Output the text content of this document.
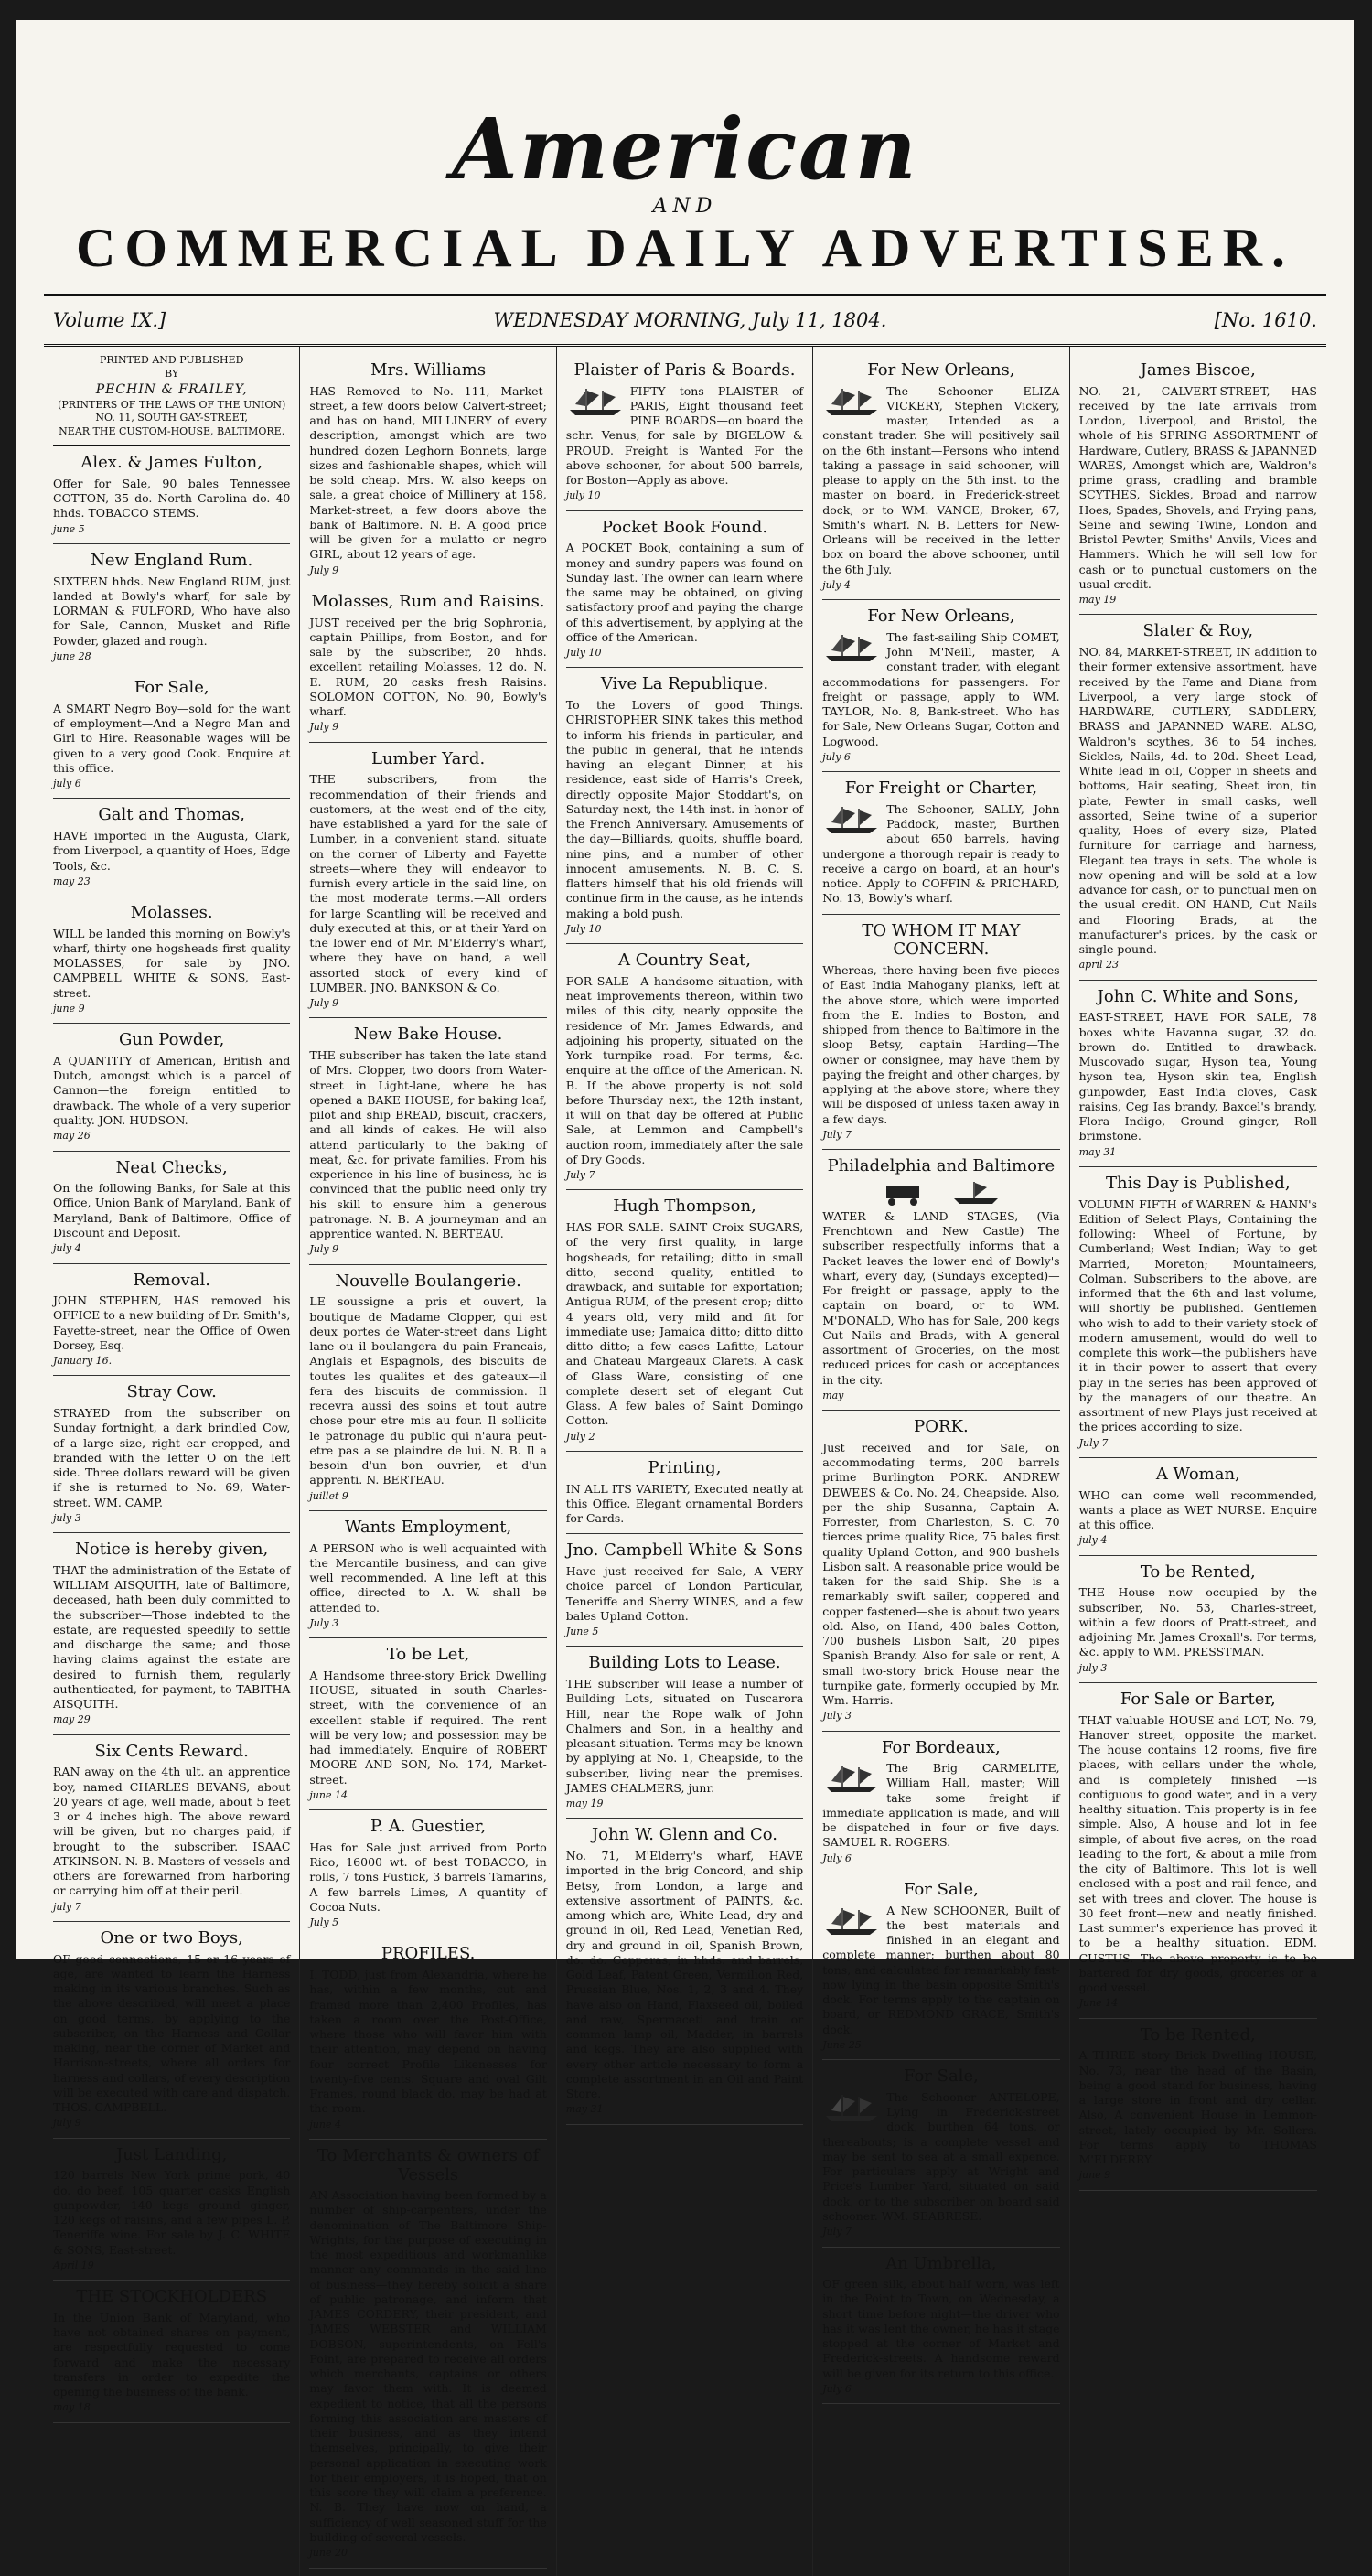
American
AND
COMMERCIAL DAILY ADVERTISER.
Volume IX.]	WEDNESDAY MORNING, July 11, 1804.	[No. 1610.
PRINTED AND PUBLISHED
BY
PECHIN & FRAILEY,
(PRINTERS OF THE LAWS OF THE UNION)
NO. 11, SOUTH GAY-STREET,
NEAR THE CUSTOM-HOUSE, BALTIMORE.
Alex. & James Fulton,

Offer for Sale, 90 bales Tennessee COTTON, 35 do. North Carolina do. 40 hhds. TOBACCO STEMS.

june 5
New England Rum.

SIXTEEN hhds. New England RUM, just landed at Bowly's wharf, for sale by LORMAN & FULFORD, Who have also for Sale, Cannon, Musket and Rifle Powder, glazed and rough.

june 28
For Sale,

A SMART Negro Boy—sold for the want of employment—And a Negro Man and Girl to Hire. Reasonable wages will be given to a very good Cook. Enquire at this office.

july 6
Galt and Thomas,

HAVE imported in the Augusta, Clark, from Liverpool, a quantity of Hoes, Edge Tools, &c.

may 23
Molasses.

WILL be landed this morning on Bowly's wharf, thirty one hogsheads first quality MOLASSES, for sale by JNO. CAMPBELL WHITE & SONS, East-street.

june 9
Gun Powder,

A QUANTITY of American, British and Dutch, amongst which is a parcel of Cannon—the foreign entitled to drawback. The whole of a very superior quality. JON. HUDSON.

may 26
Neat Checks,

On the following Banks, for Sale at this Office, Union Bank of Maryland, Bank of Maryland, Bank of Baltimore, Office of Discount and Deposit.

july 4
Removal.

JOHN STEPHEN, HAS removed his OFFICE to a new building of Dr. Smith's, Fayette-street, near the Office of Owen Dorsey, Esq.

January 16.
Stray Cow.

STRAYED from the subscriber on Sunday fortnight, a dark brindled Cow, of a large size, right ear cropped, and branded with the letter O on the left side. Three dollars reward will be given if she is returned to No. 69, Water-street. WM. CAMP.

july 3
Notice is hereby given,

THAT the administration of the Estate of WILLIAM AISQUITH, late of Baltimore, deceased, hath been duly committed to the subscriber—Those indebted to the estate, are requested speedily to settle and discharge the same; and those having claims against the estate are desired to furnish them, regularly authenticated, for payment, to TABITHA AISQUITH.

may 29
Six Cents Reward.

RAN away on the 4th ult. an apprentice boy, named CHARLES BEVANS, about 20 years of age, well made, about 5 feet 3 or 4 inches high. The above reward will be given, but no charges paid, if brought to the subscriber. ISAAC ATKINSON. N. B. Masters of vessels and others are forewarned from harboring or carrying him off at their peril.

july 7
One or two Boys,

OF good connections, 15 or 16 years of age, are wanted to learn the Harness making in its various branches. Such as the above described, will meet a place on good terms, by applying to the subscriber, on the Harness and Collar making, near the corner of Market and Harrison-streets, where all orders for harness and collars, of every description will be executed with care and dispatch. THOS. CAMPBELL.

july 9
Just Landing,

120 barrels New York prime pork, 40 do. do beef, 105 quarter casks English gunpowder, 140 kegs ground ginger, 120 kegs of raisins, and a few pipes L. P. Teneriffe wine. For sale by J. C. WHITE & SONS, East-street.

April 19
THE STOCKHOLDERS

In the Union Bank of Maryland, who have not obtained shares on payment, are respectfully requested to come forward and make the necessary transfers in order to expedite the opening the business of the bank.

may 18
Mrs. Williams

HAS Removed to No. 111, Market-street, a few doors below Calvert-street; and has on hand, MILLINERY of every description, amongst which are two hundred dozen Leghorn Bonnets, large sizes and fashionable shapes, which will be sold cheap. Mrs. W. also keeps on sale, a great choice of Millinery at 158, Market-street, a few doors above the bank of Baltimore. N. B. A good price will be given for a mulatto or negro GIRL, about 12 years of age.

July 9
Molasses, Rum and Raisins.

JUST received per the brig Sophronia, captain Phillips, from Boston, and for sale by the subscriber, 20 hhds. excellent retailing Molasses, 12 do. N. E. RUM, 20 casks fresh Raisins. SOLOMON COTTON, No. 90, Bowly's wharf.

July 9
Lumber Yard.

THE subscribers, from the recommendation of their friends and customers, at the west end of the city, have established a yard for the sale of Lumber, in a convenient stand, situate on the corner of Liberty and Fayette streets—where they will endeavor to furnish every article in the said line, on the most moderate terms.—All orders for large Scantling will be received and duly executed at this, or at their Yard on the lower end of Mr. M'Elderry's wharf, where they have on hand, a well assorted stock of every kind of LUMBER. JNO. BANKSON & Co.

July 9
New Bake House.

THE subscriber has taken the late stand of Mrs. Clopper, two doors from Water-street in Light-lane, where he has opened a BAKE HOUSE, for baking loaf, pilot and ship BREAD, biscuit, crackers, and all kinds of cakes. He will also attend particularly to the baking of meat, &c. for private families. From his experience in his line of business, he is convinced that the public need only try his skill to ensure him a generous patronage. N. B. A journeyman and an apprentice wanted. N. BERTEAU.

July 9
Nouvelle Boulangerie.

LE soussigne a pris et ouvert, la boutique de Madame Clopper, qui est deux portes de Water-street dans Light lane ou il boulangera du pain Francais, Anglais et Espagnols, des biscuits de toutes les qualites et des gateaux—il fera des biscuits de commission. Il recevra aussi des soins et tout autre chose pour etre mis au four. Il sollicite le patronage du public qui n'aura peut-etre pas a se plaindre de lui. N. B. Il a besoin d'un bon ouvrier, et d'un apprenti. N. BERTEAU.

juillet 9
Wants Employment,

A PERSON who is well acquainted with the Mercantile business, and can give well recommended. A line left at this office, directed to A. W. shall be attended to.

July 3
To be Let,

A Handsome three-story Brick Dwelling HOUSE, situated in south Charles-street, with the convenience of an excellent stable if required. The rent will be very low; and possession may be had immediately. Enquire of ROBERT MOORE AND SON, No. 174, Market-street.

june 14
P. A. Guestier,

Has for Sale just arrived from Porto Rico, 16000 wt. of best TOBACCO, in rolls, 7 tons Fustick, 3 barrels Tamarins, A few barrels Limes, A quantity of Cocoa Nuts.

July 5
PROFILES.

I. TODD, just from Alexandria, where he has, within a few months, cut and framed more than 2,400 Profiles, has taken a room over the Post-Office, where those who will favor him with their attention, may depend on having four correct Profile Likenesses for twenty-five cents. Square and oval Gilt Frames, round black do. may be had at the room.

june 4
To Merchants & owners of Vessels

AN Association having been formed by a number of ship-carpenters, under the denomination of The Baltimore Ship-Wrights, for the purpose of executing in the most expeditious and workmanlike manner any commands in the said line of business—they hereby solicit a share of public patronage, and inform that JAMES CORDERY, their president, and JAMES WEBSTER and WILLIAM DOBSON, superintendents, on Fell's Point, are prepared to receive all orders which merchants, captains or others may favor them with. It is deemed expedient to notice, that all the persons forming this association are masters of their business, and as they intend themselves, principally, to give their personal application in executing work for their employers, it is hoped, that on this score they will claim a preference. N. B. They have now on hand, a sufficiency of well seasoned stuff for the building of several vessels.

june 20
Plaister of Paris & Boards.

FIFTY tons PLAISTER of PARIS, Eight thousand feet PINE BOARDS—on board the schr. Venus, for sale by BIGELOW & PROUD. Freight is Wanted For the above schooner, for about 500 barrels, for Boston—Apply as above.

july 10
Pocket Book Found.

A POCKET Book, containing a sum of money and sundry papers was found on Sunday last. The owner can learn where the same may be obtained, on giving satisfactory proof and paying the charge of this advertisement, by applying at the office of the American.

July 10
Vive La Republique.

To the Lovers of good Things. CHRISTOPHER SINK takes this method to inform his friends in particular, and the public in general, that he intends having an elegant Dinner, at his residence, east side of Harris's Creek, directly opposite Major Stoddart's, on Saturday next, the 14th inst. in honor of the French Anniversary. Amusements of the day—Billiards, quoits, shuffle board, nine pins, and a number of other innocent amusements. N. B. C. S. flatters himself that his old friends will continue firm in the cause, as he intends making a bold push.

July 10
A Country Seat,

FOR SALE—A handsome situation, with neat improvements thereon, within two miles of this city, nearly opposite the residence of Mr. James Edwards, and adjoining his property, situated on the York turnpike road. For terms, &c. enquire at the office of the American. N. B. If the above property is not sold before Thursday next, the 12th instant, it will on that day be offered at Public Sale, at Lemmon and Campbell's auction room, immediately after the sale of Dry Goods.

July 7
Hugh Thompson,

HAS FOR SALE. SAINT Croix SUGARS, of the very first quality, in large hogsheads, for retailing; ditto in small ditto, second quality, entitled to drawback, and suitable for exportation; Antigua RUM, of the present crop; ditto 4 years old, very mild and fit for immediate use; Jamaica ditto; ditto ditto ditto ditto; a few cases Lafitte, Latour and Chateau Margeaux Clarets. A cask of Glass Ware, consisting of one complete desert set of elegant Cut Glass. A few bales of Saint Domingo Cotton.

July 2
Printing,

IN ALL ITS VARIETY, Executed neatly at this Office. Elegant ornamental Borders for Cards.

Jno. Campbell White & Sons

Have just received for Sale, A VERY choice parcel of London Particular, Teneriffe and Sherry WINES, and a few bales Upland Cotton.

June 5
Building Lots to Lease.

THE subscriber will lease a number of Building Lots, situated on Tuscarora Hill, near the Rope walk of John Chalmers and Son, in a healthy and pleasant situation. Terms may be known by applying at No. 1, Cheapside, to the subscriber, living near the premises. JAMES CHALMERS, junr.

may 19
John W. Glenn and Co.

No. 71, M'Elderry's wharf, HAVE imported in the brig Concord, and ship Betsy, from London, a large and extensive assortment of PAINTS, &c. among which are, White Lead, dry and ground in oil, Red Lead, Venetian Red, dry and ground in oil, Spanish Brown, do. do. Copperas, in hhds. and barrels, Gold Leaf, Patent Green, Vermilion Red, Prussian Blue, Nos. 1, 2, 3 and 4. They have also on Hand, Flaxseed oil, boiled and raw, Spermaceti and train or common lamp oil, Madder, in barrels and kegs. They are also supplied with every other article necessary to form a complete assortment in an Oil and Paint Store.

may 31
For New Orleans,

The Schooner ELIZA VICKERY, Stephen Vickery, master, Intended as a constant trader. She will positively sail on the 6th instant—Persons who intend taking a passage in said schooner, will please to apply on the 5th inst. to the master on board, in Frederick-street dock, or to WM. VANCE, Broker, 67, Smith's wharf. N. B. Letters for New-Orleans will be received in the letter box on board the above schooner, until the 6th July.

july 4
For New Orleans,

The fast-sailing Ship COMET, John M'Neill, master, A constant trader, with elegant accommodations for passengers. For freight or passage, apply to WM. TAYLOR, No. 8, Bank-street. Who has for Sale, New Orleans Sugar, Cotton and Logwood.

july 6
For Freight or Charter,

The Schooner, SALLY, John Paddock, master, Burthen about 650 barrels, having undergone a thorough repair is ready to receive a cargo on board, at an hour's notice. Apply to COFFIN & PRICHARD, No. 13, Bowly's wharf.

TO WHOM IT MAY CONCERN.

Whereas, there having been five pieces of East India Mahogany planks, left at the above store, which were imported from the E. Indies to Boston, and shipped from thence to Baltimore in the sloop Betsy, captain Harding—The owner or consignee, may have them by paying the freight and other charges, by applying at the above store; where they will be disposed of unless taken away in a few days.

July 7
Philadelphia and Baltimore

WATER & LAND STAGES, (Via Frenchtown and New Castle) The subscriber respectfully informs that a Packet leaves the lower end of Bowly's wharf, every day, (Sundays excepted)—For freight or passage, apply to the captain on board, or to WM. M'DONALD, Who has for Sale, 200 kegs Cut Nails and Brads, with A general assortment of Groceries, on the most reduced prices for cash or acceptances in the city.

may
PORK.

Just received and for Sale, on accommodating terms, 200 barrels prime Burlington PORK. ANDREW DEWEES & Co. No. 24, Cheapside. Also, per the ship Susanna, Captain A. Forrester, from Charleston, S. C. 70 tierces prime quality Rice, 75 bales first quality Upland Cotton, and 900 bushels Lisbon salt. A reasonable price would be taken for the said Ship. She is a remarkably swift sailer, coppered and copper fastened—she is about two years old. Also, on Hand, 400 bales Cotton, 700 bushels Lisbon Salt, 20 pipes Spanish Brandy. Also for sale or rent, A small two-story brick House near the turnpike gate, formerly occupied by Mr. Wm. Harris.

July 3
For Bordeaux,

The Brig CARMELITE, William Hall, master; Will take some freight if immediate application is made, and will be dispatched in four or five days. SAMUEL R. ROGERS.

July 6
For Sale,

A New SCHOONER, Built of the best materials and finished in an elegant and complete manner; burthen about 80 tons, and calculated for remarkably fast-now lying in the basin opposite Smith's dock. For terms apply to the captain on board, or REDMOND GRACE, Smith's dock.

June 25
For Sale,

The Schooner ANTELOPE, Lying in Frederick-street dock, burthen 64 tons, or thereabouts; is a complete vessel and may be sent to sea at a small expence. For particulars apply at Wright and Price's Lumber Yard, situated on said dock, or to the subscriber on board said schooner. WM. SEABRESE.

July 7
An Umbrella,

OF green silk, about half worn, was left in the Point to Town, on Wednesday, a short time before night—the driver who has it was lent the owner, he has it stage stopped at the corner of Market and Frederick-streets. A handsome reward will be given for its return to this office.

July 6
James Biscoe,

NO. 21, CALVERT-STREET, HAS received by the late arrivals from London, Liverpool, and Bristol, the whole of his SPRING ASSORTMENT of Hardware, Cutlery, BRASS & JAPANNED WARES, Amongst which are, Waldron's prime grass, cradling and bramble SCYTHES, Sickles, Broad and narrow Hoes, Spades, Shovels, and Frying pans, Seine and sewing Twine, London and Bristol Pewter, Smiths' Anvils, Vices and Hammers. Which he will sell low for cash or to punctual customers on the usual credit.

may 19
Slater & Roy,

NO. 84, MARKET-STREET, IN addition to their former extensive assortment, have received by the Fame and Diana from Liverpool, a very large stock of HARDWARE, CUTLERY, SADDLERY, BRASS and JAPANNED WARE. ALSO, Waldron's scythes, 36 to 54 inches, Sickles, Nails, 4d. to 20d. Sheet Lead, White lead in oil, Copper in sheets and bottoms, Hair seating, Sheet iron, tin plate, Pewter in small casks, well assorted, Seine twine of a superior quality, Hoes of every size, Plated furniture for carriage and harness, Elegant tea trays in sets. The whole is now opening and will be sold at a low advance for cash, or to punctual men on the usual credit. ON HAND, Cut Nails and Flooring Brads, at the manufacturer's prices, by the cask or single pound.

april 23
John C. White and Sons,

EAST-STREET, HAVE FOR SALE, 78 boxes white Havanna sugar, 32 do. brown do. Entitled to drawback. Muscovado sugar, Hyson tea, Young hyson tea, Hyson skin tea, English gunpowder, East India cloves, Cask raisins, Ceg Ias brandy, Baxcel's brandy, Flora Indigo, Ground ginger, Roll brimstone.

may 31
This Day is Published,

VOLUMN FIFTH of WARREN & HANN's Edition of Select Plays, Containing the following: Wheel of Fortune, by Cumberland; West Indian; Way to get Married, Moreton; Mountaineers, Colman. Subscribers to the above, are informed that the 6th and last volume, will shortly be published. Gentlemen who wish to add to their variety stock of modern amusement, would do well to complete this work—the publishers have it in their power to assert that every play in the series has been approved of by the managers of our theatre. An assortment of new Plays just received at the prices according to size.

July 7
A Woman,

WHO can come well recommended, wants a place as WET NURSE. Enquire at this office.

july 4
To be Rented,

THE House now occupied by the subscriber, No. 53, Charles-street, within a few doors of Pratt-street, and adjoining Mr. James Croxall's. For terms, &c. apply to WM. PRESSTMAN.

july 3
For Sale or Barter,

THAT valuable HOUSE and LOT, No. 79, Hanover street, opposite the market. The house contains 12 rooms, five fire places, with cellars under the whole, and is completely finished —is contiguous to good water, and in a very healthy situation. This property is in fee simple. Also, A house and lot in fee simple, of about five acres, on the road leading to the fort, & about a mile from the city of Baltimore. This lot is well enclosed with a post and rail fence, and set with trees and clover. The house is 30 feet front—new and neatly finished. Last summer's experience has proved it to be a healthy situation. EDM. CUSTUS. The above property is to be bartered for dry goods, groceries or a good vessel.

June 14
To be Rented,

A THREE story Brick Dwelling HOUSE, No. 73, near the head of the Basin, being a good stand for business, having a large store in front and dry cellar. Also, A convenient House in Lemmon-street, lately occupied by Mr. Sollers. For terms apply to THOMAS M'ELDERRY.

june 9
